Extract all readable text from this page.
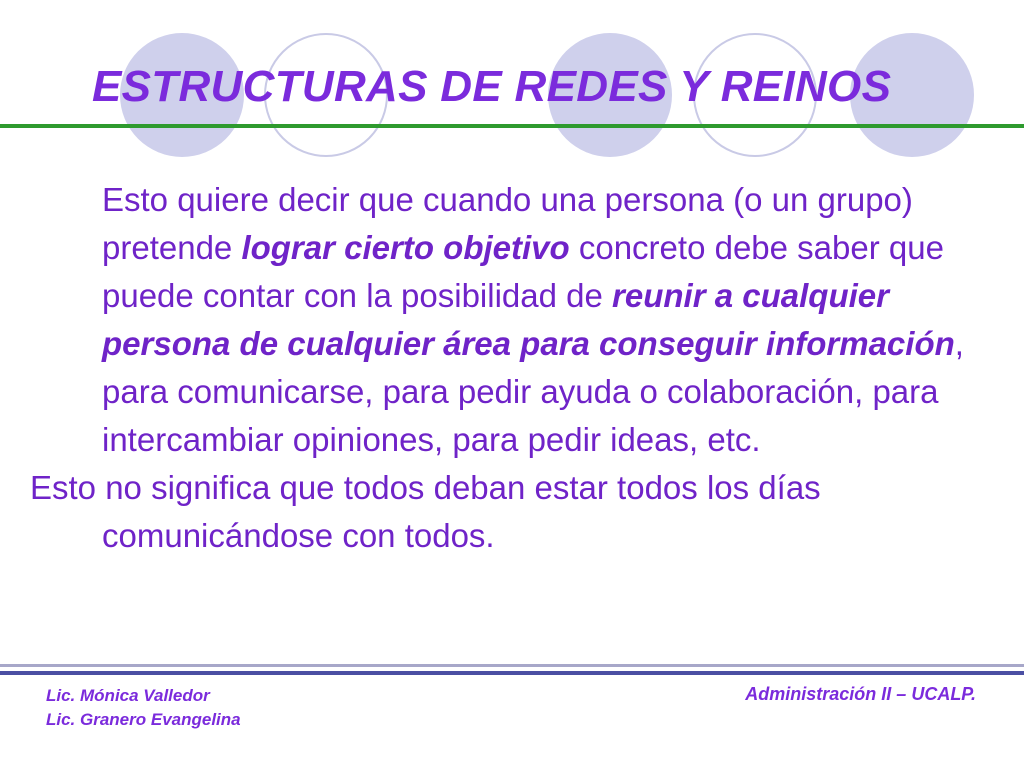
ESTRUCTURAS DE REDES Y REINOS
Esto quiere decir que cuando una persona (o un grupo) pretende lograr cierto objetivo concreto debe saber que puede contar con la posibilidad de reunir a cualquier persona de cualquier área para conseguir información, para comunicarse, para pedir ayuda o colaboración, para intercambiar opiniones, para pedir ideas, etc.
Esto no significa que todos deban estar todos los días comunicándose con todos.
Lic. Mónica Valledor
Lic. Granero Evangelina
Administración II – UCALP.
